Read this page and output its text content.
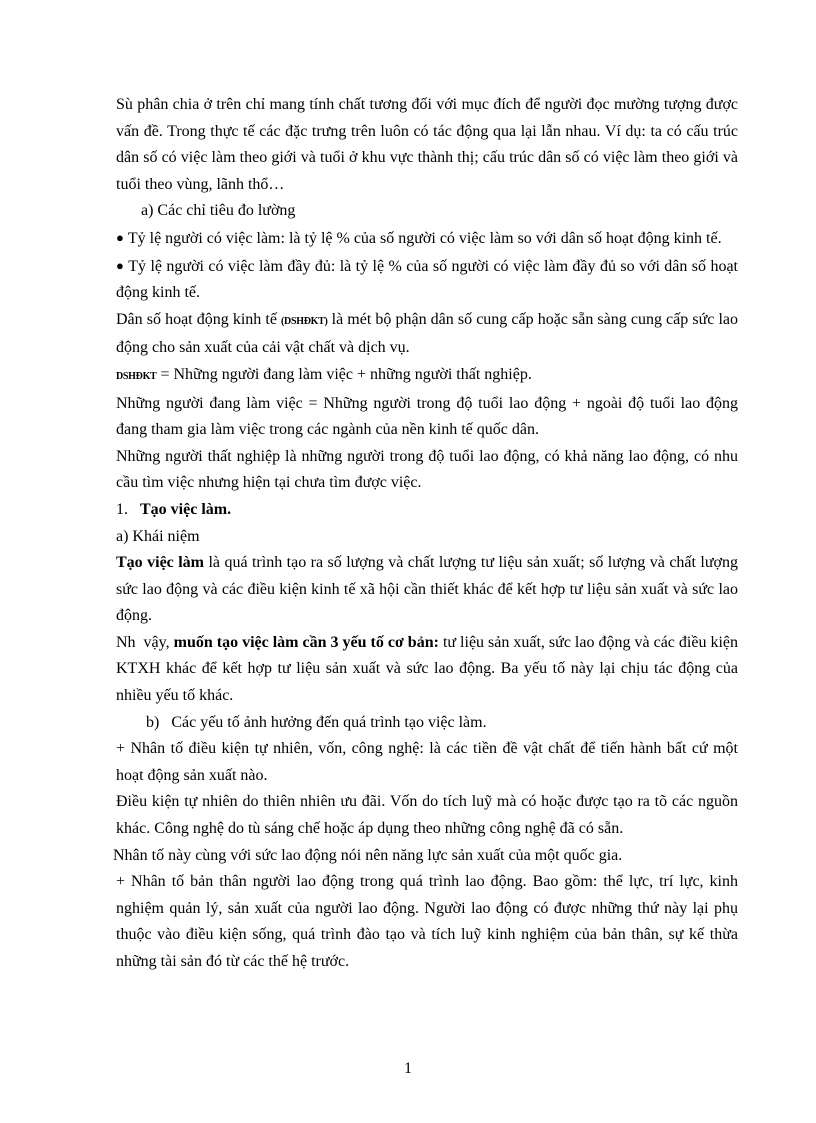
Sù phân chia ở trên chỉ mang tính chất tương đối với mục đích để người đọc mường tượng được vấn đề. Trong thực tế các đặc trưng trên luôn có tác động qua lại lẫn nhau. Ví dụ: ta có cấu trúc dân số có việc làm theo giới và tuổi ở khu vực thành thị; cấu trúc dân số có việc làm theo giới và tuổi theo vùng, lãnh thổ…

a) Các chỉ tiêu đo lường

● Tỷ lệ người có việc làm: là tỷ lệ % của số người có việc làm so với dân số hoạt động kinh tế.

● Tỷ lệ người có việc làm đầy đủ: là tỷ lệ % của số người có việc làm đầy đủ so với dân số hoạt động kinh tế.

Dân số hoạt động kinh tế (DSHĐKT) là mét bộ phận dân số cung cấp hoặc sẵn sàng cung cấp sức lao động cho sản xuất của cải vật chất và dịch vụ.

DSHĐKT = Những người đang làm việc + những người thất nghiệp.

Những người đang làm việc = Những người trong độ tuổi lao động + ngoài độ tuổi lao động đang tham gia làm việc trong các ngành của nền kinh tế quốc dân.

Những người thất nghiệp là những người trong độ tuổi lao động, có khả năng lao động, có nhu cầu tìm việc nhưng hiện tại chưa tìm được việc.

1.   Tạo việc làm.

a) Khái niệm

Tạo việc làm là quá trình tạo ra số lượng và chất lượng tư liệu sản xuất; số lượng và chất lượng sức lao động và các điều kiện kinh tế xã hội cần thiết khác để kết hợp tư liệu sản xuất và sức lao động.

Nh  vậy, muốn tạo việc làm cần 3 yếu tố cơ bản: tư liệu sản xuất, sức lao động và các điều kiện KTXH khác để kết hợp tư liệu sản xuất và sức lao động. Ba yếu tố này lại chịu tác động của nhiều yếu tố khác.

b)   Các yếu tố ảnh hưởng đến quá trình tạo việc làm.

+ Nhân tố điều kiện tự nhiên, vốn, công nghệ: là các tiền đề vật chất để tiến hành bất cứ một hoạt động sản xuất nào.

Điều kiện tự nhiên do thiên nhiên ưu đãi. Vốn do tích luỹ mà có hoặc được tạo ra tõ các nguồn khác. Công nghệ do tù sáng chế hoặc áp dụng theo những công nghệ đã có sẵn.

Nhân tố này cùng với sức lao động nói nên năng lực sản xuất của một quốc gia.

+ Nhân tố bản thân người lao động trong quá trình lao động. Bao gồm: thể lực, trí lực, kinh nghiệm quản lý, sản xuất của người lao động. Người lao động có được những thứ này lại phụ thuộc vào điều kiện sống, quá trình đào tạo và tích luỹ kinh nghiệm của bản thân, sự kế thừa những tài sản đó từ các thế hệ trước.

1
